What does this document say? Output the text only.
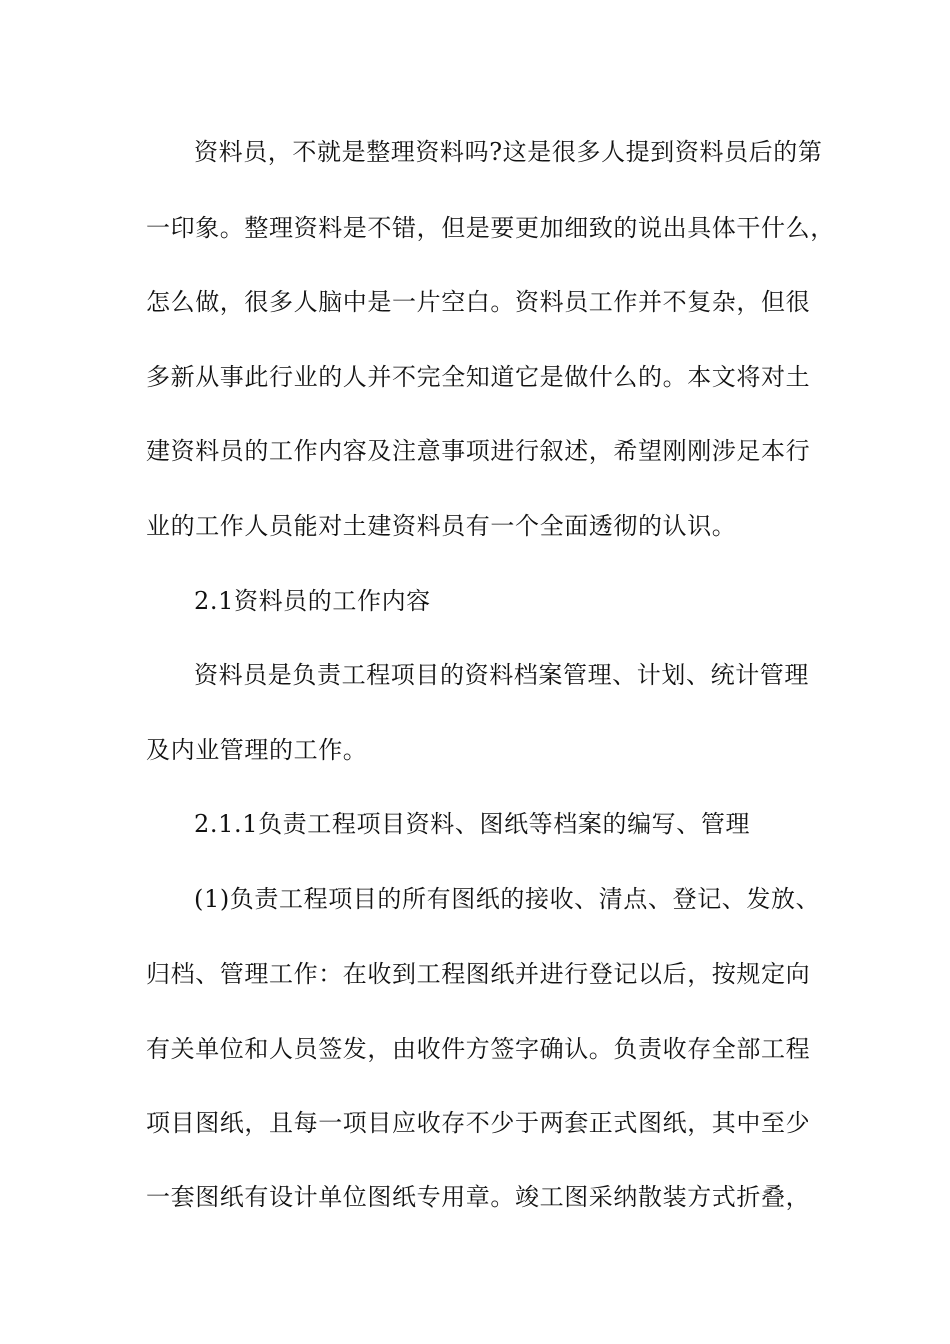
资料员，不就是整理资料吗?这是很多人提到资料员后的第
一印象。整理资料是不错，但是要更加细致的说出具体干什么，
怎么做，很多人脑中是一片空白。资料员工作并不复杂，但很
多新从事此行业的人并不完全知道它是做什么的。本文将对土
建资料员的工作内容及注意事项进行叙述，希望刚刚涉足本行
业的工作人员能对土建资料员有一个全面透彻的认识。
2.1资料员的工作内容
资料员是负责工程项目的资料档案管理、计划、统计管理
及内业管理的工作。
2.1.1负责工程项目资料、图纸等档案的编写、管理
(1)负责工程项目的所有图纸的接收、清点、登记、发放、
归档、管理工作：在收到工程图纸并进行登记以后，按规定向
有关单位和人员签发，由收件方签字确认。负责收存全部工程
项目图纸，且每一项目应收存不少于两套正式图纸，其中至少
一套图纸有设计单位图纸专用章。竣工图采纳散装方式折叠，
